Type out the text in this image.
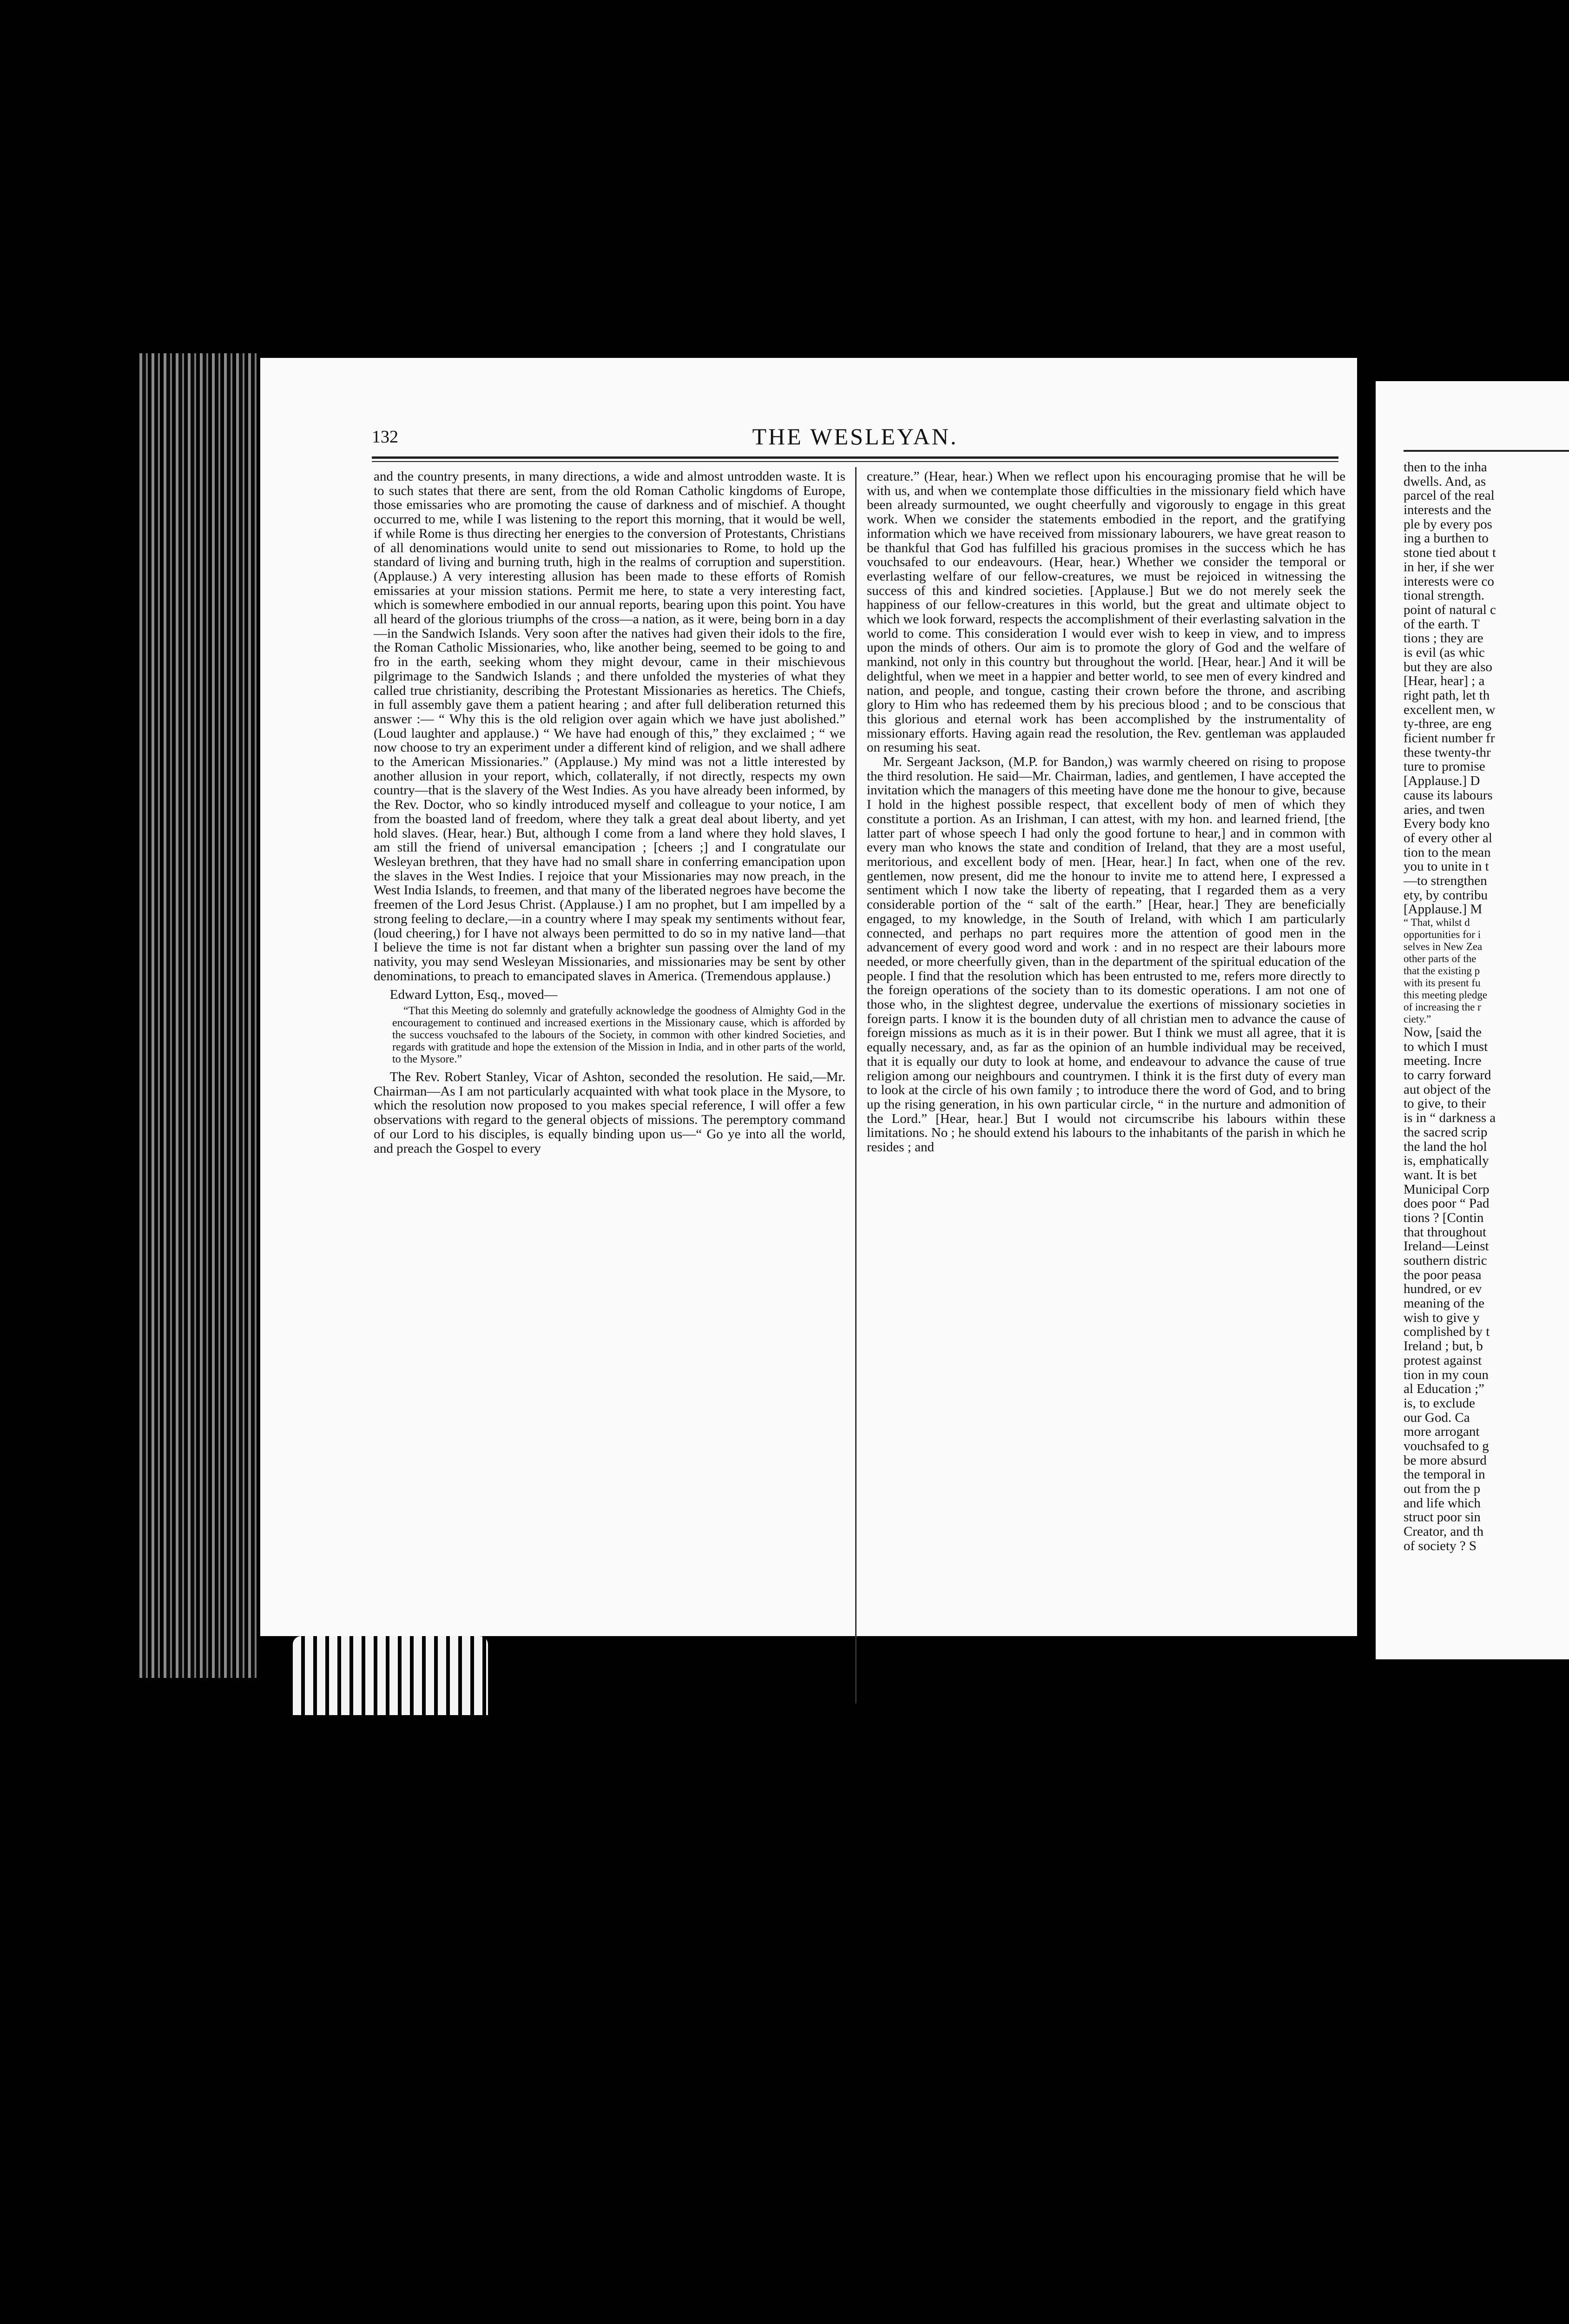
132	THE WESLEYAN.

and the country presents, in many directions, a wide and almost untrodden waste. It is to such states that there are sent, from the old Roman Catholic kingdoms of Europe, those emissaries who are promoting the cause of darkness and of mischief. A thought occurred to me, while I was listening to the report this morning, that it would be well, if while Rome is thus directing her energies to the conversion of Protestants, Christians of all denominations would unite to send out missionaries to Rome, to hold up the standard of living and burning truth, high in the realms of corruption and superstition. (Applause.) A very interesting allusion has been made to these efforts of Romish emissaries at your mission stations. Permit me here, to state a very interesting fact, which is somewhere embodied in our annual reports, bearing upon this point. You have all heard of the glorious triumphs of the cross—a nation, as it were, being born in a day—in the Sandwich Islands. Very soon after the natives had given their idols to the fire, the Roman Catholic Missionaries, who, like another being, seemed to be going to and fro in the earth, seeking whom they might devour, came in their mischievous pilgrimage to the Sandwich Islands ; and there unfolded the mysteries of what they called true christianity, describing the Protestant Missionaries as heretics. The Chiefs, in full assembly gave them a patient hearing ; and after full deliberation returned this answer :— “ Why this is the old religion over again which we have just abolished.” (Loud laughter and applause.) “ We have had enough of this,” they exclaimed ; “ we now choose to try an experiment under a different kind of religion, and we shall adhere to the American Missionaries.” (Applause.) My mind was not a little interested by another allusion in your report, which, collaterally, if not directly, respects my own country—that is the slavery of the West Indies. As you have already been informed, by the Rev. Doctor, who so kindly introduced myself and colleague to your notice, I am from the boasted land of freedom, where they talk a great deal about liberty, and yet hold slaves. (Hear, hear.) But, although I come from a land where they hold slaves, I am still the friend of universal emancipation ; [cheers ;] and I congratulate our Wesleyan brethren, that they have had no small share in conferring emancipation upon the slaves in the West Indies. I rejoice that your Missionaries may now preach, in the West India Islands, to freemen, and that many of the liberated negroes have become the freemen of the Lord Jesus Christ. (Applause.) I am no prophet, but I am impelled by a strong feeling to declare,—in a country where I may speak my sentiments without fear, (loud cheering,) for I have not always been permitted to do so in my native land—that I believe the time is not far distant when a brighter sun passing over the land of my nativity, you may send Wesleyan Missionaries, and missionaries may be sent by other denominations, to preach to emancipated slaves in America. (Tremendous applause.)

Edward Lytton, Esq., moved—

“That this Meeting do solemnly and gratefully acknowledge the goodness of Almighty God in the encouragement to continued and increased exertions in the Missionary cause, which is afforded by the success vouchsafed to the labours of the Society, in common with other kindred Societies, and regards with gratitude and hope the extension of the Mission in India, and in other parts of the world, to the Mysore.”

The Rev. Robert Stanley, Vicar of Ashton, seconded the resolution. He said,—Mr. Chairman—As I am not particularly acquainted with what took place in the Mysore, to which the resolution now proposed to you makes special reference, I will offer a few observations with regard to the general objects of missions. The peremptory command of our Lord to his disciples, is equally binding upon us—“ Go ye into all the world, and preach the Gospel to every

creature.” (Hear, hear.) When we reflect upon his encouraging promise that he will be with us, and when we contemplate those difficulties in the missionary field which have been already surmounted, we ought cheerfully and vigorously to engage in this great work. When we consider the statements embodied in the report, and the gratifying information which we have received from missionary labourers, we have great reason to be thankful that God has fulfilled his gracious promises in the success which he has vouchsafed to our endeavours. (Hear, hear.) Whether we consider the temporal or everlasting welfare of our fellow-creatures, we must be rejoiced in witnessing the success of this and kindred societies. [Applause.] But we do not merely seek the happiness of our fellow-creatures in this world, but the great and ultimate object to which we look forward, respects the accomplishment of their everlasting salvation in the world to come. This consideration I would ever wish to keep in view, and to impress upon the minds of others. Our aim is to promote the glory of God and the welfare of mankind, not only in this country but throughout the world. [Hear, hear.] And it will be delightful, when we meet in a happier and better world, to see men of every kindred and nation, and people, and tongue, casting their crown before the throne, and ascribing glory to Him who has redeemed them by his precious blood ; and to be conscious that this glorious and eternal work has been accomplished by the instrumentality of missionary efforts. Having again read the resolution, the Rev. gentleman was applauded on resuming his seat.

Mr. Sergeant Jackson, (M.P. for Bandon,) was warmly cheered on rising to propose the third resolution. He said—Mr. Chairman, ladies, and gentlemen, I have accepted the invitation which the managers of this meeting have done me the honour to give, because I hold in the highest possible respect, that excellent body of men of which they constitute a portion. As an Irishman, I can attest, with my hon. and learned friend, [the latter part of whose speech I had only the good fortune to hear,] and in common with every man who knows the state and condition of Ireland, that they are a most useful, meritorious, and excellent body of men. [Hear, hear.] In fact, when one of the rev. gentlemen, now present, did me the honour to invite me to attend here, I expressed a sentiment which I now take the liberty of repeating, that I regarded them as a very considerable portion of the “ salt of the earth.” [Hear, hear.] They are beneficially engaged, to my knowledge, in the South of Ireland, with which I am particularly connected, and perhaps no part requires more the attention of good men in the advancement of every good word and work : and in no respect are their labours more needed, or more cheerfully given, than in the department of the spiritual education of the people. I find that the resolution which has been entrusted to me, refers more directly to the foreign operations of the society than to its domestic operations. I am not one of those who, in the slightest degree, undervalue the exertions of missionary societies in foreign parts. I know it is the bounden duty of all christian men to advance the cause of foreign missions as much as it is in their power. But I think we must all agree, that it is equally necessary, and, as far as the opinion of an humble individual may be received, that it is equally our duty to look at home, and endeavour to advance the cause of true religion among our neighbours and countrymen. I think it is the first duty of every man to look at the circle of his own family ; to introduce there the word of God, and to bring up the rising generation, in his own particular circle, “ in the nurture and admonition of the Lord.” [Hear, hear.] But I would not circumscribe his labours within these limitations. No ; he should extend his labours to the inhabitants of the parish in which he resides ; and

then to the inha
dwells. And, as
parcel of the real
interests and the
ple by every pos
ing a burthen to
stone tied about t
in her, if she wer
interests were co
tional strength.
point of natural c
of the earth. T
tions ; they are
is evil (as whic
but they are also
[Hear, hear] ; a
right path, let th
excellent men, w
ty-three, are eng
ficient number fr
these twenty-thr
ture to promise
[Applause.] D
cause its labours
aries, and twen
Every body kno
of every other al
tion to the mean
you to unite in t
—to strengthen
ety, by contribu
[Applause.] M
“ That, whilst d
opportunities for i
selves in New Zea
other parts of the
that the existing p
with its present fu
this meeting pledge
of increasing the r
ciety.”
Now, [said the
to which I must
meeting. Incre
to carry forward
aut object of the
to give, to their
is in “ darkness a
the sacred scrip
the land the hol
is, emphatically
want. It is bet
Municipal Corp
does poor “ Pad
tions ? [Contin
that throughout
Ireland—Leinst
southern distric
the poor peasa
hundred, or ev
meaning of the
wish to give y
complished by t
Ireland ; but, b
protest against
tion in my coun
al Education ;”
is, to exclude
our God. Ca
more arrogant
vouchsafed to g
be more absurd
the temporal in
out from the p
and life which
struct poor sin
Creator, and th
of society ? S
